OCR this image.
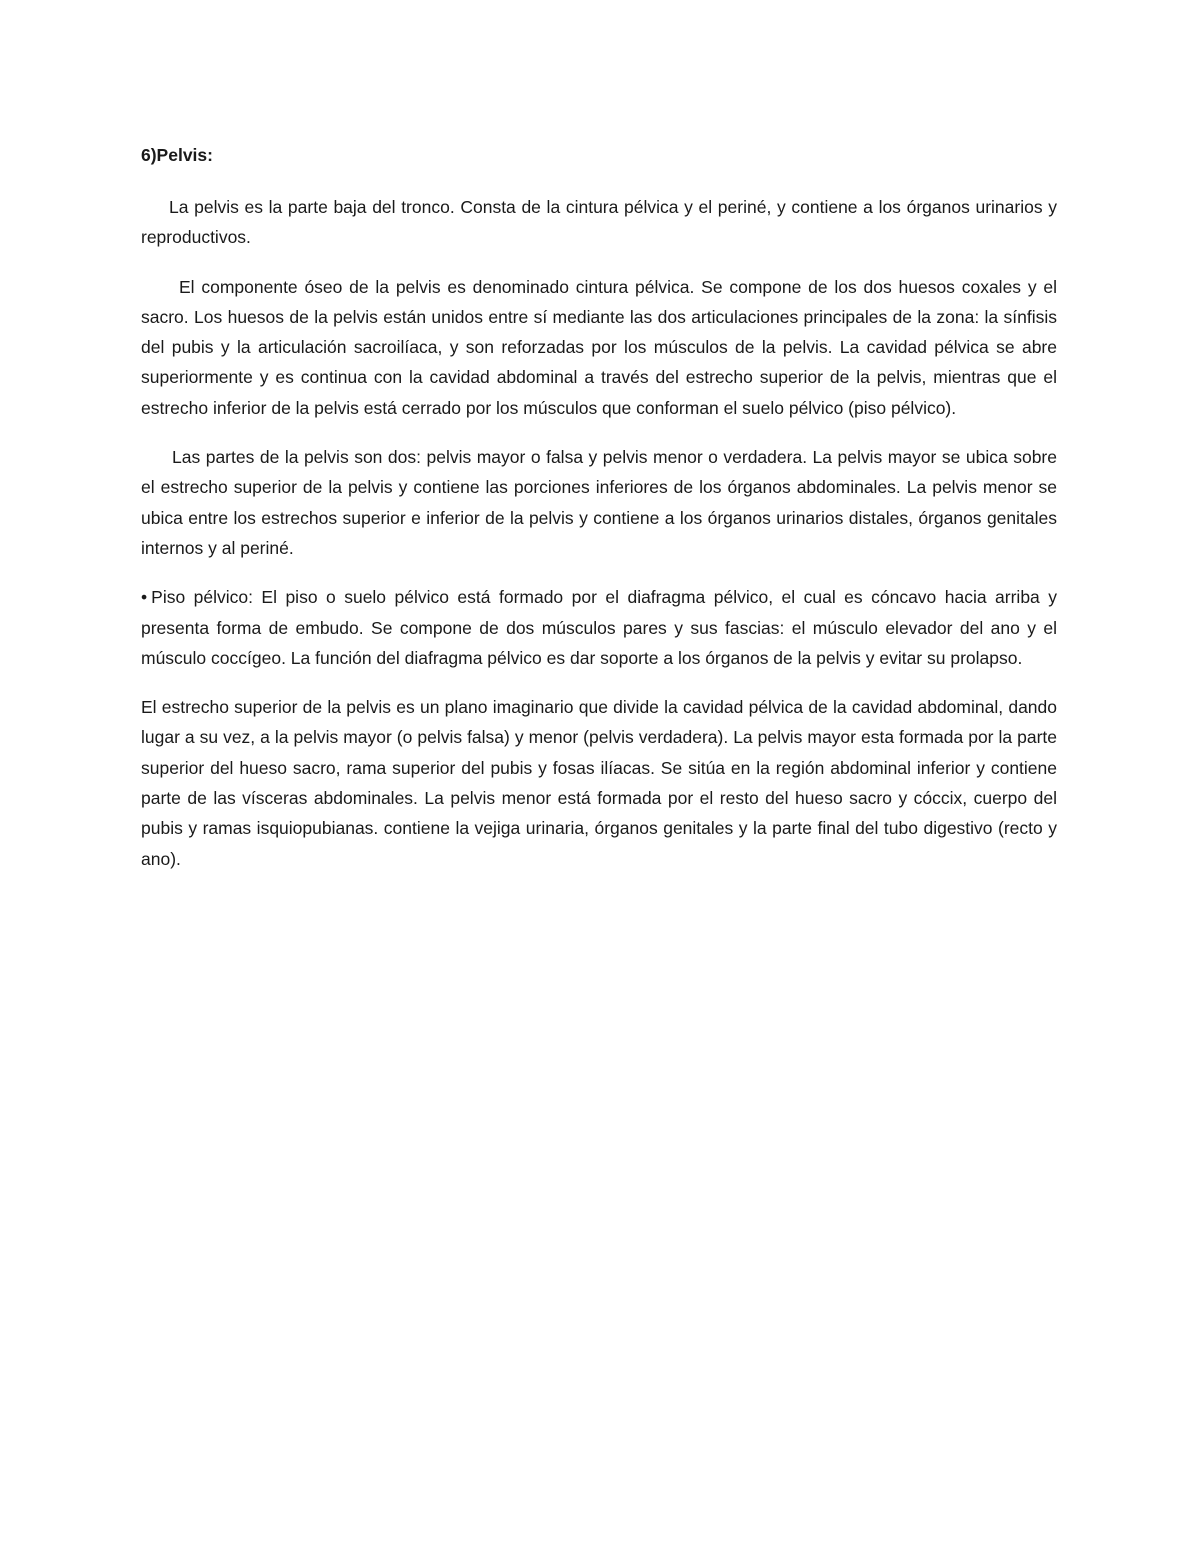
6)Pelvis:

La pelvis es la parte baja del tronco. Consta de la cintura pélvica y el periné, y contiene a los órganos urinarios y reproductivos.

El componente óseo de la pelvis es denominado cintura pélvica. Se compone de los dos huesos coxales y el sacro. Los huesos de la pelvis están unidos entre sí mediante las dos articulaciones principales de la zona: la sínfisis del pubis y la articulación sacroilíaca, y son reforzadas por los músculos de la pelvis. La cavidad pélvica se abre superiormente y es continua con la cavidad abdominal a través del estrecho superior de la pelvis, mientras que el estrecho inferior de la pelvis está cerrado por los músculos que conforman el suelo pélvico (piso pélvico).

Las partes de la pelvis son dos: pelvis mayor o falsa y pelvis menor o verdadera. La pelvis mayor se ubica sobre el estrecho superior de la pelvis y contiene las porciones inferiores de los órganos abdominales. La pelvis menor se ubica entre los estrechos superior e inferior de la pelvis y contiene a los órganos urinarios distales, órganos genitales internos y al periné.

• Piso pélvico: El piso o suelo pélvico está formado por el diafragma pélvico, el cual es cóncavo hacia arriba y presenta forma de embudo. Se compone de dos músculos pares y sus fascias: el músculo elevador del ano y el músculo coccígeo. La función del diafragma pélvico es dar soporte a los órganos de la pelvis y evitar su prolapso.

El estrecho superior de la pelvis es un plano imaginario que divide la cavidad pélvica de la cavidad abdominal, dando lugar a su vez, a la pelvis mayor (o pelvis falsa) y menor (pelvis verdadera). La pelvis mayor esta formada por la parte superior del hueso sacro, rama superior del pubis y fosas ilíacas. Se sitúa en la región abdominal inferior y contiene parte de las vísceras abdominales. La pelvis menor está formada por el resto del hueso sacro y cóccix, cuerpo del pubis y ramas isquiopubianas. contiene la vejiga urinaria, órganos genitales y la parte final del tubo digestivo (recto y ano).
